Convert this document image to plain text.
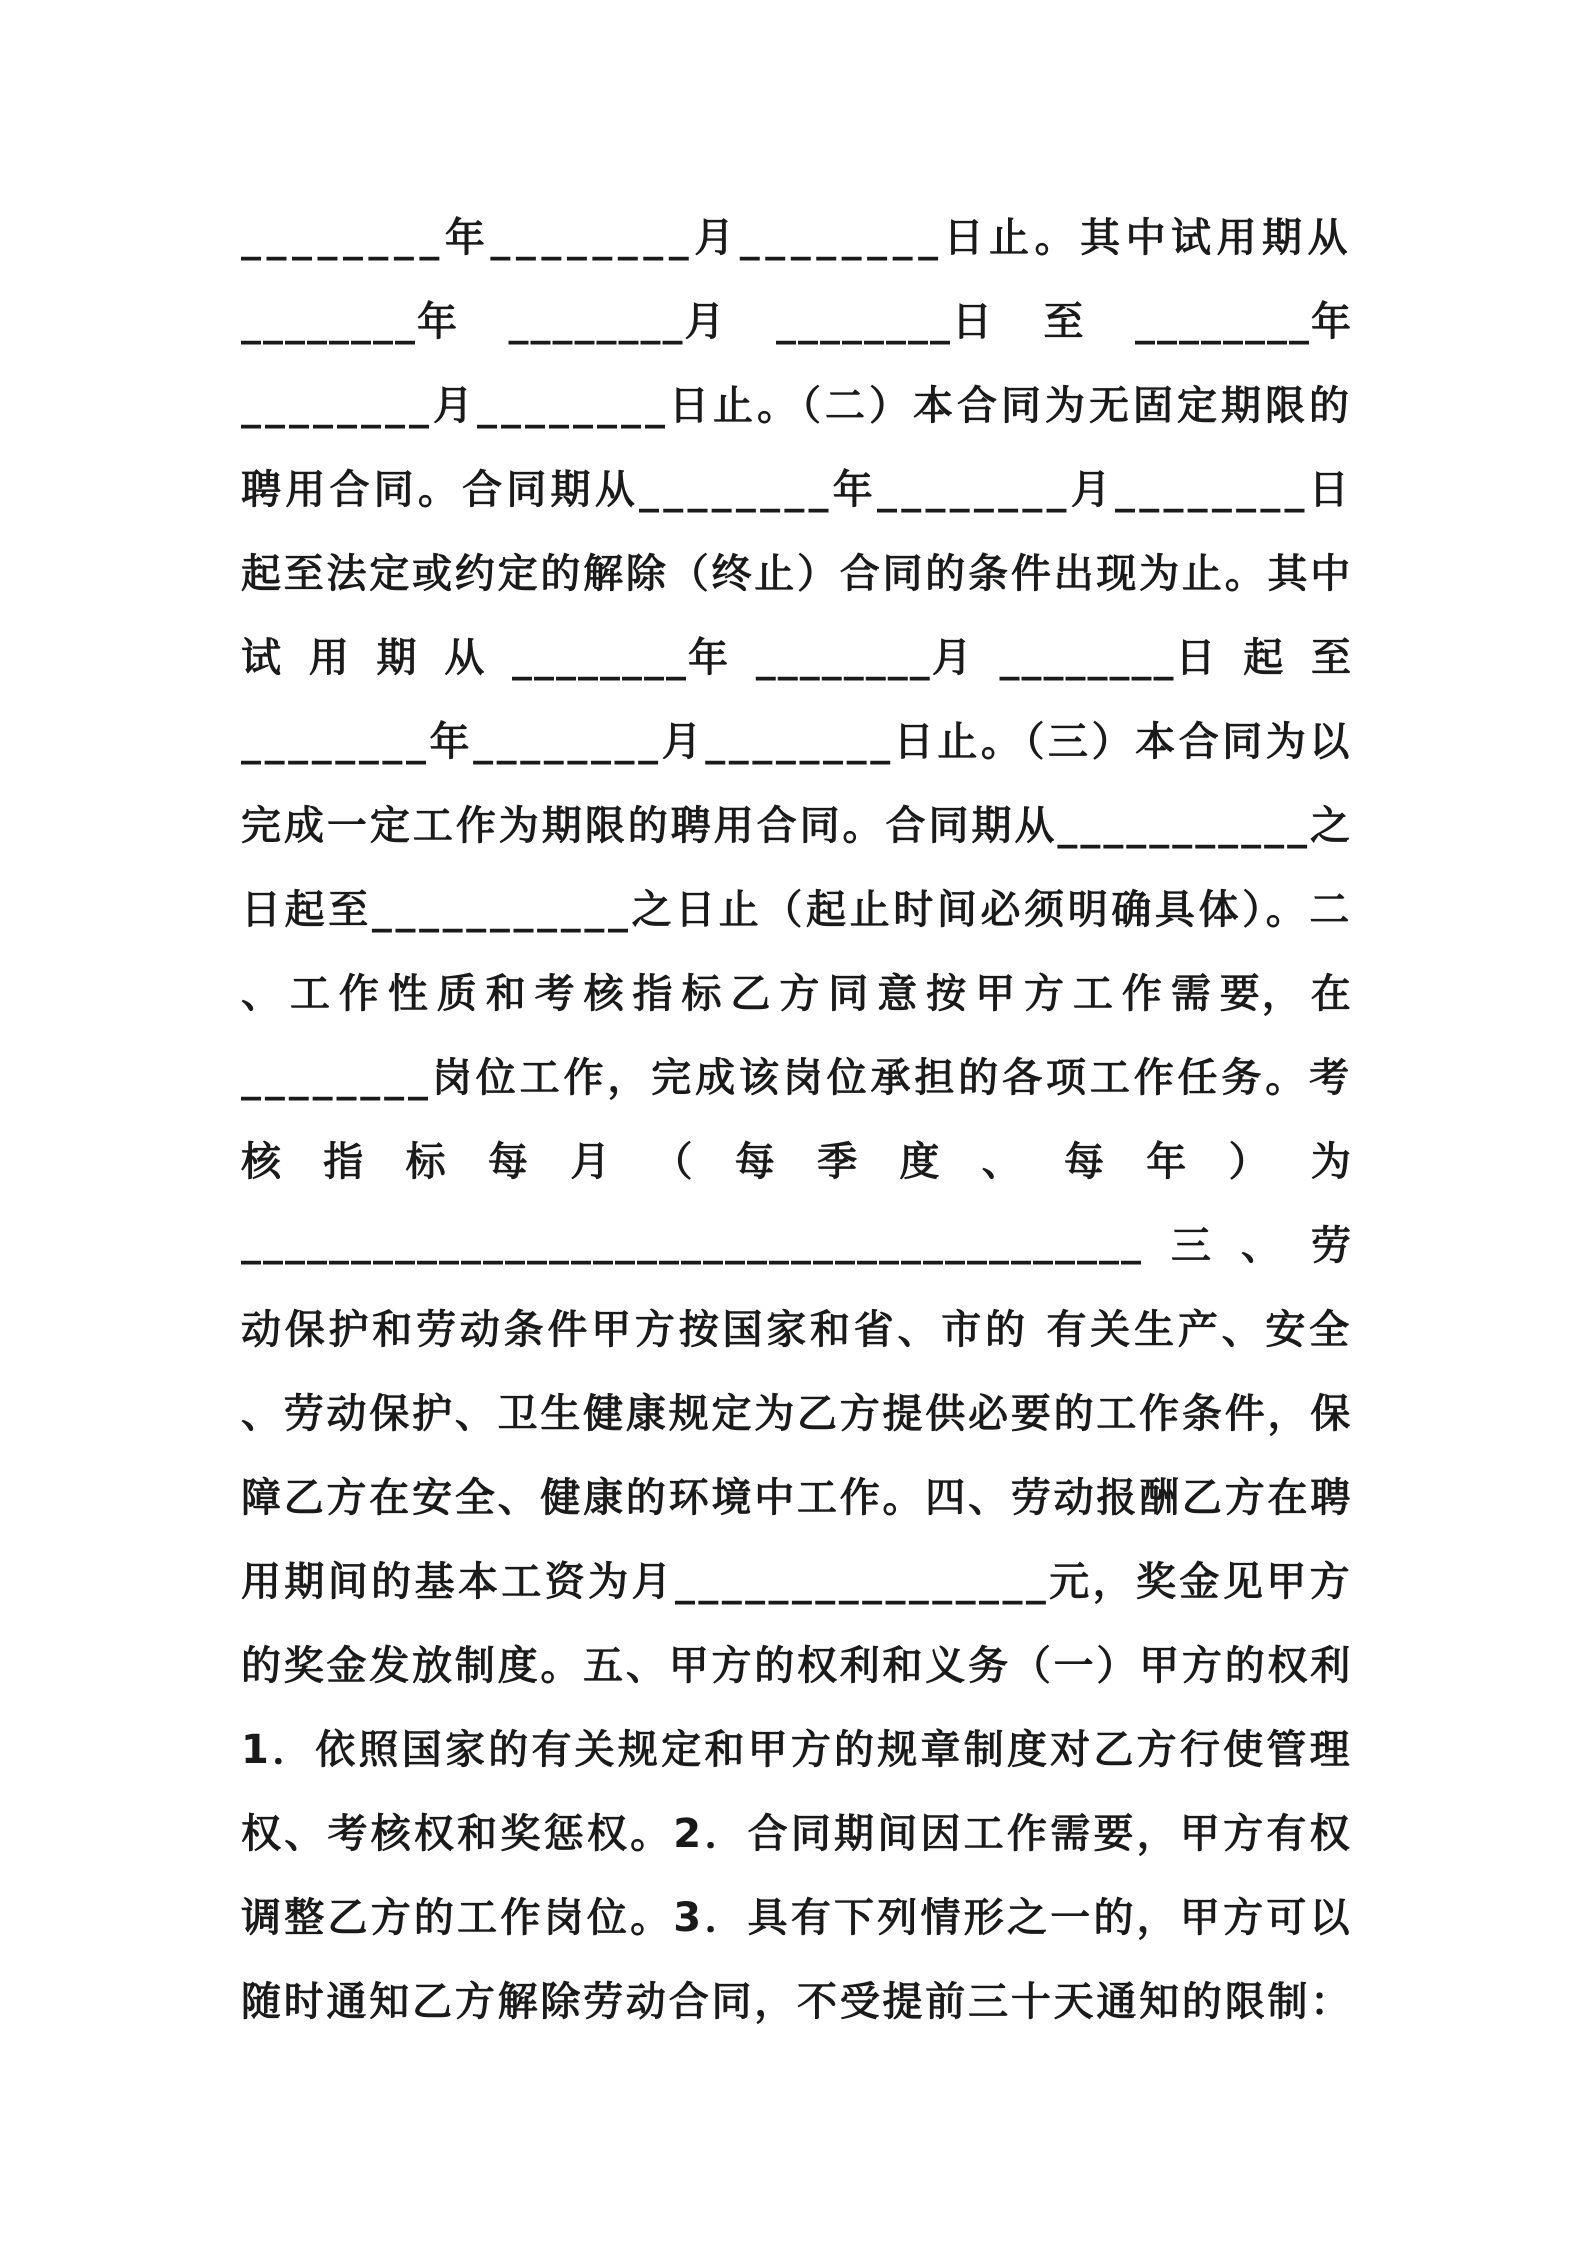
________年________月________日止。其中试用期从
________年 ________月 ________日 至 ________年
________月________日止。（二）本合同为无固定期限的
聘用合同。合同期从________年________月________日
起至法定或约定的解除（终止）合同的条件出现为止。其中
试 用 期 从 ________年 ________月 ________日 起 至
________年________月________日止。（三）本合同为以
完成一定工作为期限的聘用合同。合同期从___________之
日起至___________之日止（起止时间必须明确具体）。二
、 工 作 性 质 和 考 核 指 标 乙 方 同 意 按 甲 方 工 作 需 要， 在
________岗位工作，完成该岗位承担的各项工作任务。考
核 指 标 每 月 （ 每 季 度 、 每 年 ） 为
_________________________________________ 三 、 劳
动保护和劳动条件甲方按国家和省、市的 有关生产、安全
、劳动保护、卫生健康规定为乙方提供必要的工作条件，保
障乙方在安全、健康的环境中工作。四、劳动报酬乙方在聘
用期间的基本工资为月________________元，奖金见甲方
的奖金发放制度。五、甲方的权利和义务（一）甲方的权利
1．依照国家的有关规定和甲方的规章制度对乙方行使管理
权、考核权和奖惩权。2．合同期间因工作需要，甲方有权
调整乙方的工作岗位。3．具有下列情形之一的，甲方可以
随时通知乙方解除劳动合同，不受提前三十天通知的限制：
